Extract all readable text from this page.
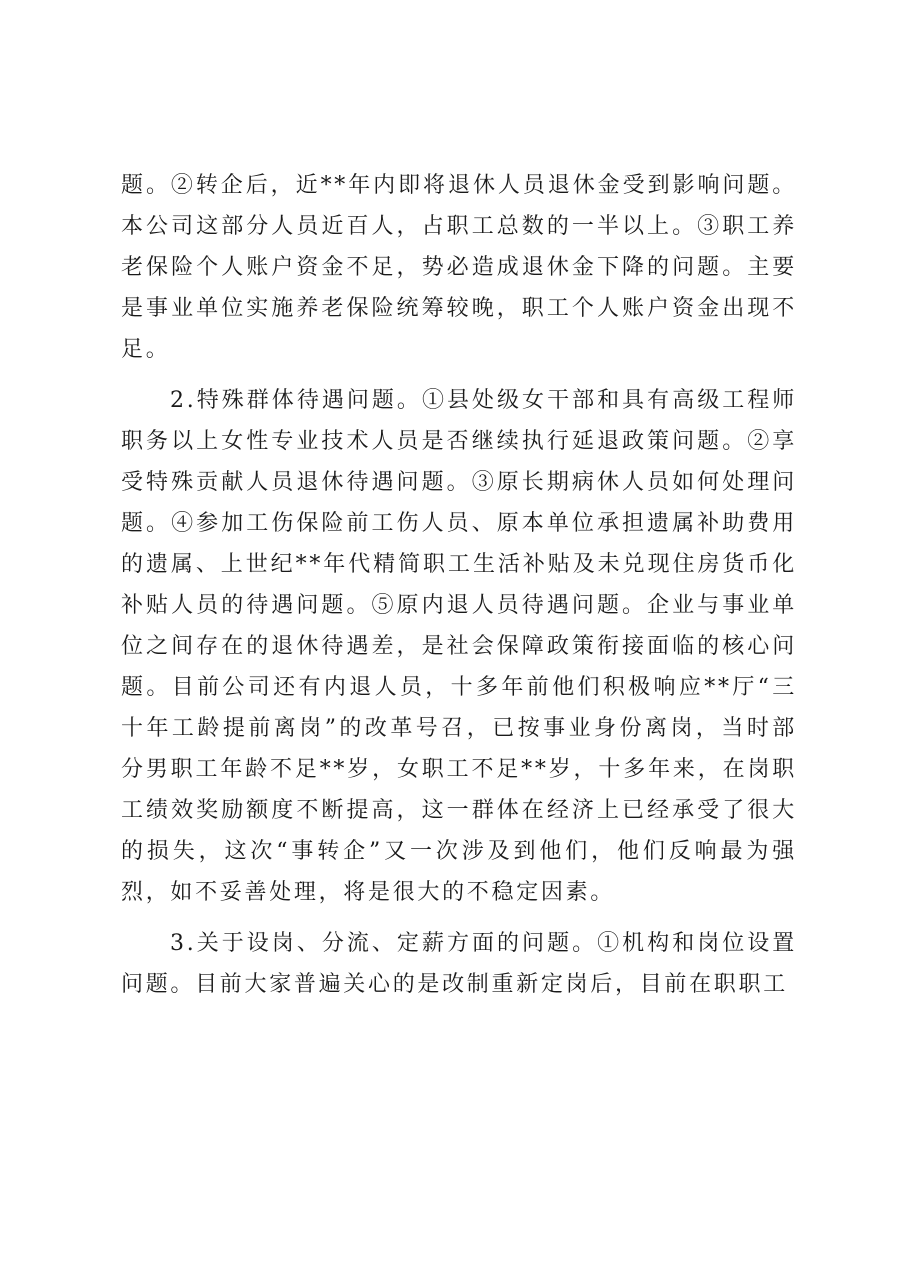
题。②转企后，近**年内即将退休人员退休金受到影响问题。本公司这部分人员近百人，占职工总数的一半以上。③职工养老保险个人账户资金不足，势必造成退休金下降的问题。主要是事业单位实施养老保险统筹较晚，职工个人账户资金出现不足。

2.特殊群体待遇问题。①县处级女干部和具有高级工程师职务以上女性专业技术人员是否继续执行延退政策问题。②享受特殊贡献人员退休待遇问题。③原长期病休人员如何处理问题。④参加工伤保险前工伤人员、原本单位承担遗属补助费用的遗属、上世纪**年代精简职工生活补贴及未兑现住房货币化补贴人员的待遇问题。⑤原内退人员待遇问题。企业与事业单位之间存在的退休待遇差，是社会保障政策衔接面临的核心问题。目前公司还有内退人员，十多年前他们积极响应**厅“三十年工龄提前离岗”的改革号召，已按事业身份离岗，当时部分男职工年龄不足**岁，女职工不足**岁，十多年来，在岗职工绩效奖励额度不断提高，这一群体在经济上已经承受了很大的损失，这次“事转企”又一次涉及到他们，他们反响最为强烈，如不妥善处理，将是很大的不稳定因素。

3.关于设岗、分流、定薪方面的问题。①机构和岗位设置问题。目前大家普遍关心的是改制重新定岗后，目前在职职工
